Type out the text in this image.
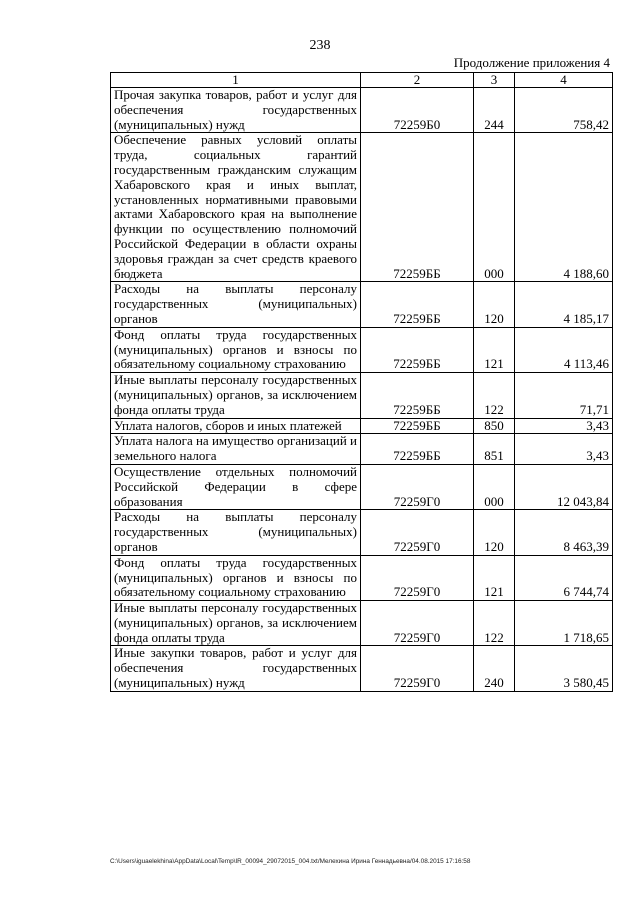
238
Продолжение приложения 4
1	2	3	4
Прочая закупка товаров, работ и услуг для обеспечения государственных (муниципальных) нужд	72259Б0	244	758,42
Обеспечение равных условий оплаты труда, социальных гарантий государственным гражданским служащим Хабаровского края и иных выплат, установленных нормативными правовыми актами Хабаровского края на выполнение функции по осуществлению полномочий Российской Федерации в области охраны здоровья граждан за счет средств краевого бюджета	72259ББ	000	4 188,60
Расходы на выплаты персоналу государственных (муниципальных) органов	72259ББ	120	4 185,17
Фонд оплаты труда государственных (муниципальных) органов и взносы по обязательному социальному страхованию	72259ББ	121	4 113,46
Иные выплаты персоналу государственных (муниципальных) органов, за исключением фонда оплаты труда	72259ББ	122	71,71
Уплата налогов, сборов и иных платежей	72259ББ	850	3,43
Уплата налога на имущество организаций и земельного налога	72259ББ	851	3,43
Осуществление отдельных полномочий Российской Федерации в сфере образования	72259Г0	000	12 043,84
Расходы на выплаты персоналу государственных (муниципальных) органов	72259Г0	120	8 463,39
Фонд оплаты труда государственных (муниципальных) органов и взносы по обязательному социальному страхованию	72259Г0	121	6 744,74
Иные выплаты персоналу государственных (муниципальных) органов, за исключением фонда оплаты труда	72259Г0	122	1 718,65
Иные закупки товаров, работ и услуг для обеспечения государственных (муниципальных) нужд	72259Г0	240	3 580,45
C:\Users\iguaelekhina\AppData\Local\Temp\IR_00094_29072015_004.txt/Мелехина Ирина Геннадьевна/04.08.2015 17:16:58
